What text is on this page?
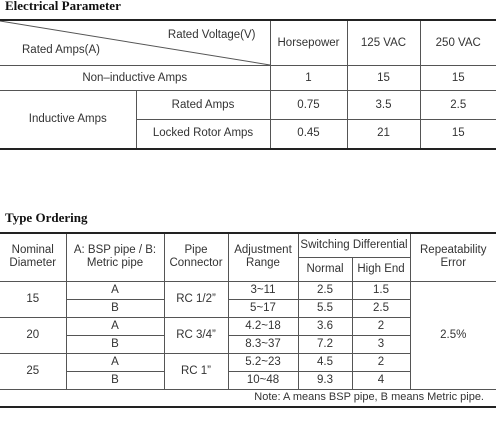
Electrical Parameter
Rated Voltage(V)
Rated Amps(A)		Horsepower	125 VAC	250 VAC
Non–inductive Amps		1	15	15
Inductive Amps	Rated Amps	0.75	3.5	2.5
	Locked Rotor Amps	0.45	21	15
Type Ordering
Nominal Diameter	A: BSP pipe / B: Metric pipe	Pipe Connector	Adjustment Range	Switching Differential		Repeatability Error
				Normal	High End	
15	A	RC 1/2”	3~11	2.5	1.5	2.5%
	B		5~17	5.5	2.5	
20	A	RC 3/4”	4.2~18	3.6	2	
	B		8.3~37	7.2	3	
25	A	RC 1”	5.2~23	4.5	2	
	B		10~48	9.3	4	
Note: A means BSP pipe, B means Metric pipe.						
